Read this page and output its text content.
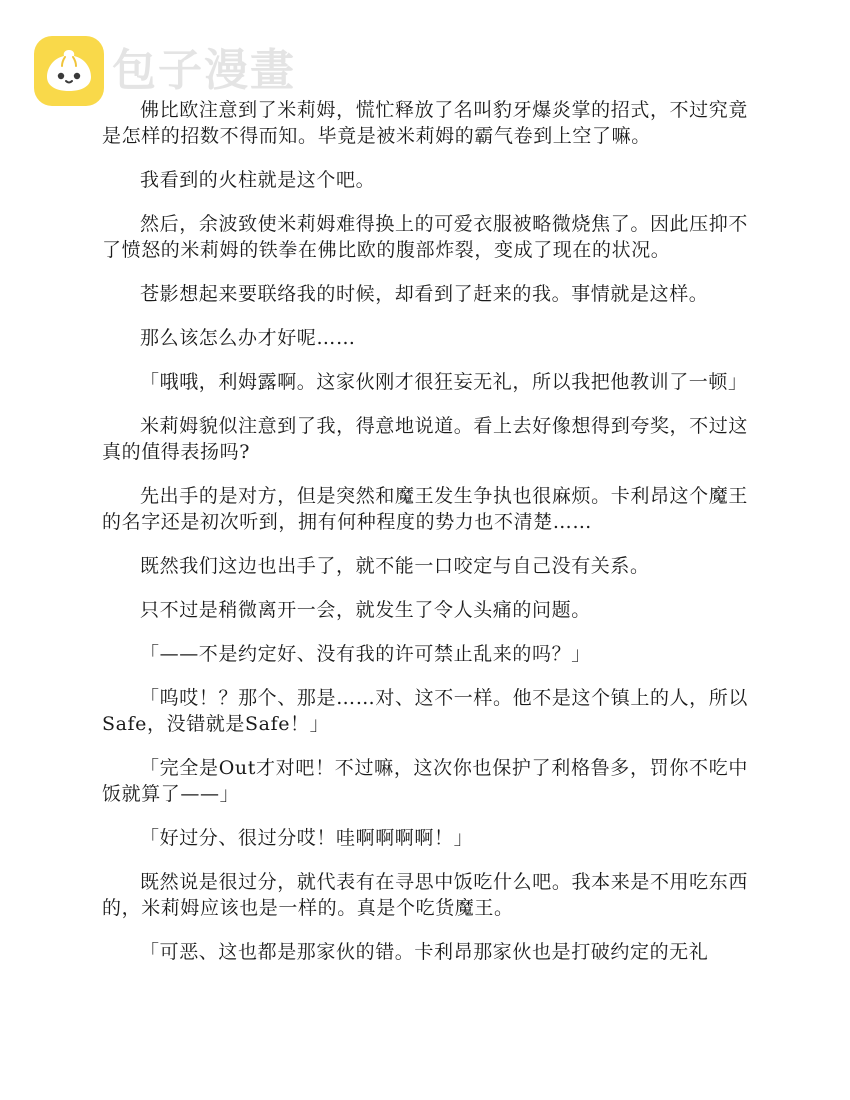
包子漫畫

佛比欧注意到了米莉姆，慌忙释放了名叫豹牙爆炎掌的招式，不过究竟是怎样的招数不得而知。毕竟是被米莉姆的霸气卷到上空了嘛。

我看到的火柱就是这个吧。

然后，余波致使米莉姆难得换上的可爱衣服被略微烧焦了。因此压抑不了愤怒的米莉姆的铁拳在佛比欧的腹部炸裂，变成了现在的状况。

苍影想起来要联络我的时候，却看到了赶来的我。事情就是这样。

那么该怎么办才好呢……

「哦哦，利姆露啊。这家伙刚才很狂妄无礼，所以我把他教训了一顿」

米莉姆貌似注意到了我，得意地说道。看上去好像想得到夸奖，不过这真的值得表扬吗?

先出手的是对方，但是突然和魔王发生争执也很麻烦。卡利昂这个魔王的名字还是初次听到，拥有何种程度的势力也不清楚……

既然我们这边也出手了，就不能一口咬定与自己没有关系。

只不过是稍微离开一会，就发生了令人头痛的问题。

「——不是约定好、没有我的许可禁止乱来的吗？」

「呜哎！？那个、那是……对、这不一样。他不是这个镇上的人，所以Safe，没错就是Safe！」

「完全是Out才对吧！不过嘛，这次你也保护了利格鲁多，罚你不吃中饭就算了——」

「好过分、很过分哎！哇啊啊啊啊！」

既然说是很过分，就代表有在寻思中饭吃什么吧。我本来是不用吃东西的，米莉姆应该也是一样的。真是个吃货魔王。

「可恶、这也都是那家伙的错。卡利昂那家伙也是打破约定的无礼
